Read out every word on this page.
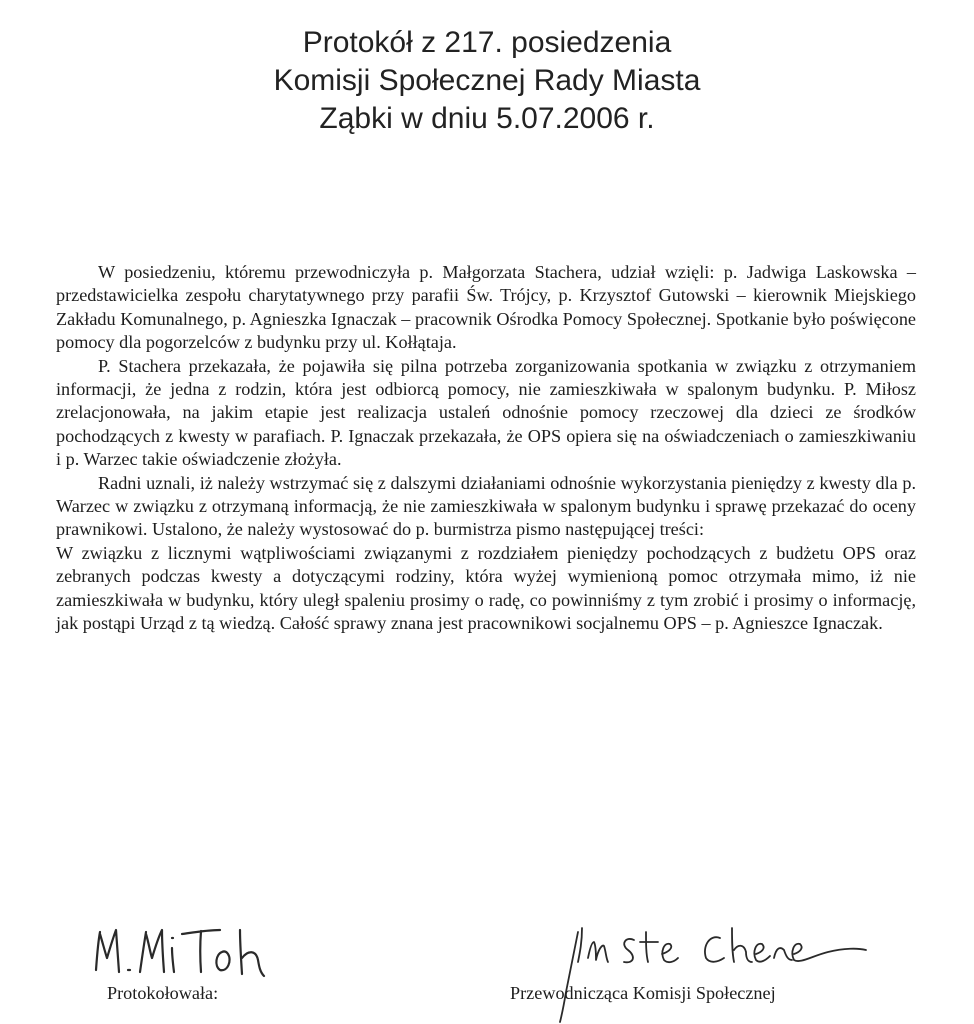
Protokół z 217. posiedzenia
Komisji Społecznej Rady Miasta
Ząbki w dniu 5.07.2006 r.

W posiedzeniu, któremu przewodniczyła p. Małgorzata Stachera, udział wzięli: p. Jadwiga Laskowska – przedstawicielka zespołu charytatywnego przy parafii Św. Trójcy, p. Krzysztof Gutowski – kierownik Miejskiego Zakładu Komunalnego, p. Agnieszka Ignaczak – pracownik Ośrodka Pomocy Społecznej. Spotkanie było poświęcone pomocy dla pogorzelców z budynku przy ul. Kołłątaja.

P. Stachera przekazała, że pojawiła się pilna potrzeba zorganizowania spotkania w związku z otrzymaniem informacji, że jedna z rodzin, która jest odbiorcą pomocy, nie zamieszkiwała w spalonym budynku. P. Miłosz zrelacjonowała, na jakim etapie jest realizacja ustaleń odnośnie pomocy rzeczowej dla dzieci ze środków pochodzących z kwesty w parafiach. P. Ignaczak przekazała, że OPS opiera się na oświadczeniach o zamieszkiwaniu i p. Warzec takie oświadczenie złożyła.

Radni uznali, iż należy wstrzymać się z dalszymi działaniami odnośnie wykorzystania pieniędzy z kwesty dla p. Warzec w związku z otrzymaną informacją, że nie zamieszkiwała w spalonym budynku i sprawę przekazać do oceny prawnikowi. Ustalono, że należy wystosować do p. burmistrza pismo następującej treści:

W związku z licznymi wątpliwościami związanymi z rozdziałem pieniędzy pochodzących z budżetu OPS oraz zebranych podczas kwesty a dotyczącymi rodziny, która wyżej wymienioną pomoc otrzymała mimo, iż nie zamieszkiwała w budynku, który uległ spaleniu prosimy o radę, co powinniśmy z tym zrobić i prosimy o informację, jak postąpi Urząd z tą wiedzą. Całość sprawy znana jest pracownikowi socjalnemu OPS – p. Agnieszce Ignaczak.

Protokołowała:	Przewodnicząca Komisji Społecznej
